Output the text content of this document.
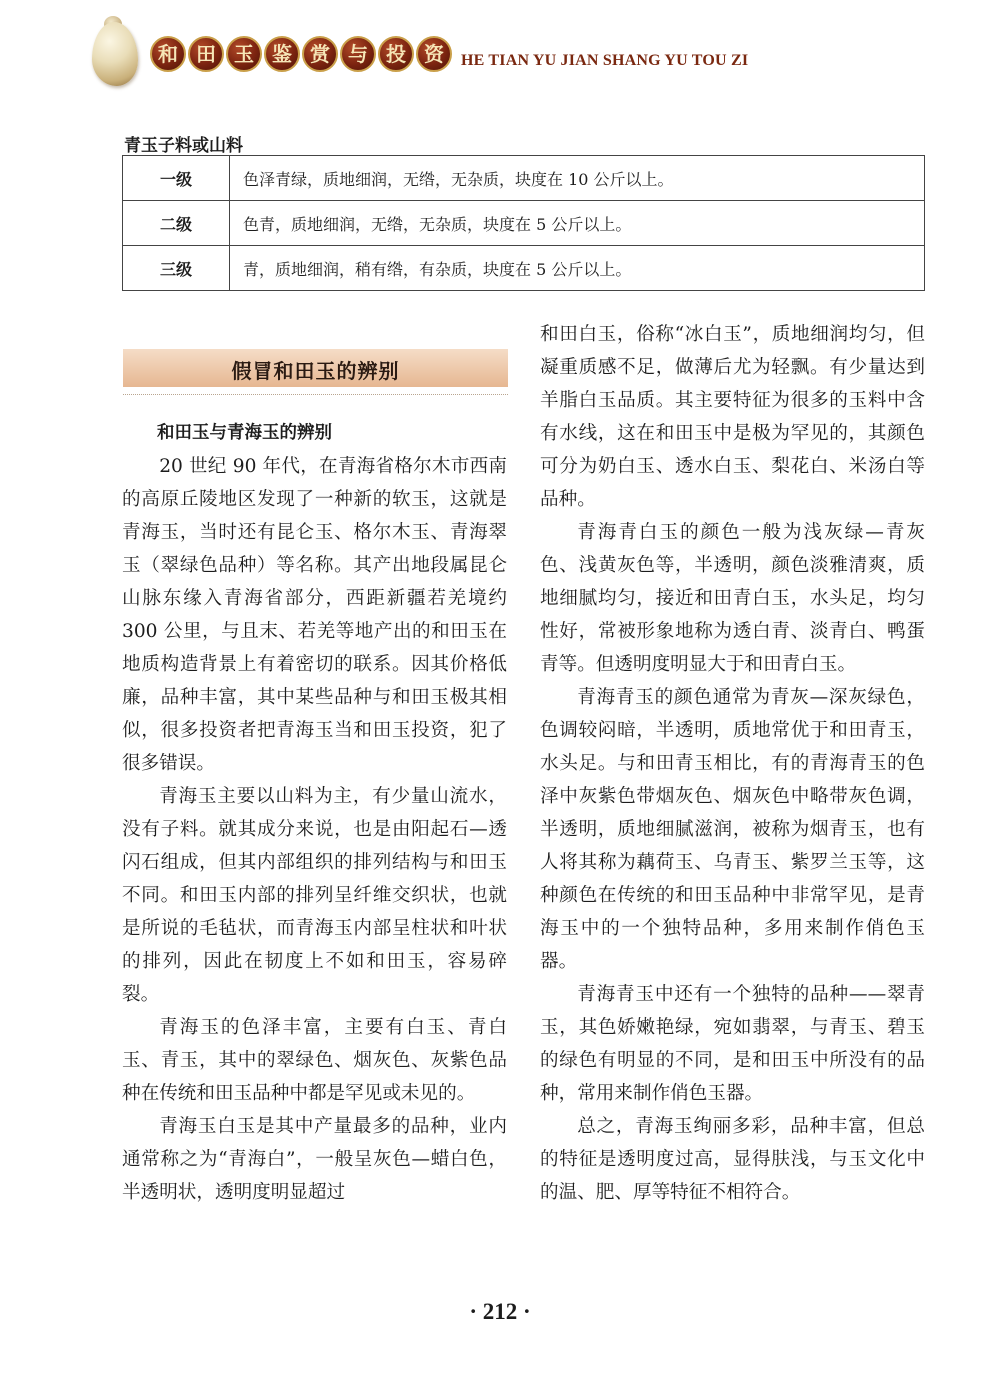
和 田 玉 鉴 赏 与 投 资	HE TIAN YU JIAN SHANG YU TOU ZI
青玉子料或山料
一级	色泽青绿，质地细润，无绺，无杂质，块度在 10 公斤以上。
二级	色青，质地细润，无绺，无杂质，块度在 5 公斤以上。
三级	青，质地细润，稍有绺，有杂质，块度在 5 公斤以上。
假冒和田玉的辨别
和田玉与青海玉的辨别

20 世纪 90 年代，在青海省格尔木市西南的高原丘陵地区发现了一种新的软玉，这就是青海玉，当时还有昆仑玉、格尔木玉、青海翠玉（翠绿色品种）等名称。其产出地段属昆仑山脉东缘入青海省部分，西距新疆若羌境约 300 公里，与且末、若羌等地产出的和田玉在地质构造背景上有着密切的联系。因其价格低廉，品种丰富，其中某些品种与和田玉极其相似，很多投资者把青海玉当和田玉投资，犯了很多错误。

青海玉主要以山料为主，有少量山流水，没有子料。就其成分来说，也是由阳起石—透闪石组成，但其内部组织的排列结构与和田玉不同。和田玉内部的排列呈纤维交织状，也就是所说的毛毡状，而青海玉内部呈柱状和叶状的排列，因此在韧度上不如和田玉，容易碎裂。

青海玉的色泽丰富，主要有白玉、青白玉、青玉，其中的翠绿色、烟灰色、灰紫色品种在传统和田玉品种中都是罕见或未见的。

青海玉白玉是其中产量最多的品种，业内通常称之为“青海白”，一般呈灰色—蜡白色，半透明状，透明度明显超过

和田白玉，俗称“冰白玉”，质地细润均匀，但凝重质感不足，做薄后尤为轻飘。有少量达到羊脂白玉品质。其主要特征为很多的玉料中含有水线，这在和田玉中是极为罕见的，其颜色可分为奶白玉、透水白玉、梨花白、米汤白等品种。

青海青白玉的颜色一般为浅灰绿—青灰色、浅黄灰色等，半透明，颜色淡雅清爽，质地细腻均匀，接近和田青白玉，水头足，均匀性好，常被形象地称为透白青、淡青白、鸭蛋青等。但透明度明显大于和田青白玉。

青海青玉的颜色通常为青灰—深灰绿色，色调较闷暗，半透明，质地常优于和田青玉，水头足。与和田青玉相比，有的青海青玉的色泽中灰紫色带烟灰色、烟灰色中略带灰色调，半透明，质地细腻滋润，被称为烟青玉，也有人将其称为藕荷玉、乌青玉、紫罗兰玉等，这种颜色在传统的和田玉品种中非常罕见，是青海玉中的一个独特品种，多用来制作俏色玉器。

青海青玉中还有一个独特的品种——翠青玉，其色娇嫩艳绿，宛如翡翠，与青玉、碧玉的绿色有明显的不同，是和田玉中所没有的品种，常用来制作俏色玉器。

总之，青海玉绚丽多彩，品种丰富，但总的特征是透明度过高，显得肤浅，与玉文化中的温、肥、厚等特征不相符合。

· 212 ·
